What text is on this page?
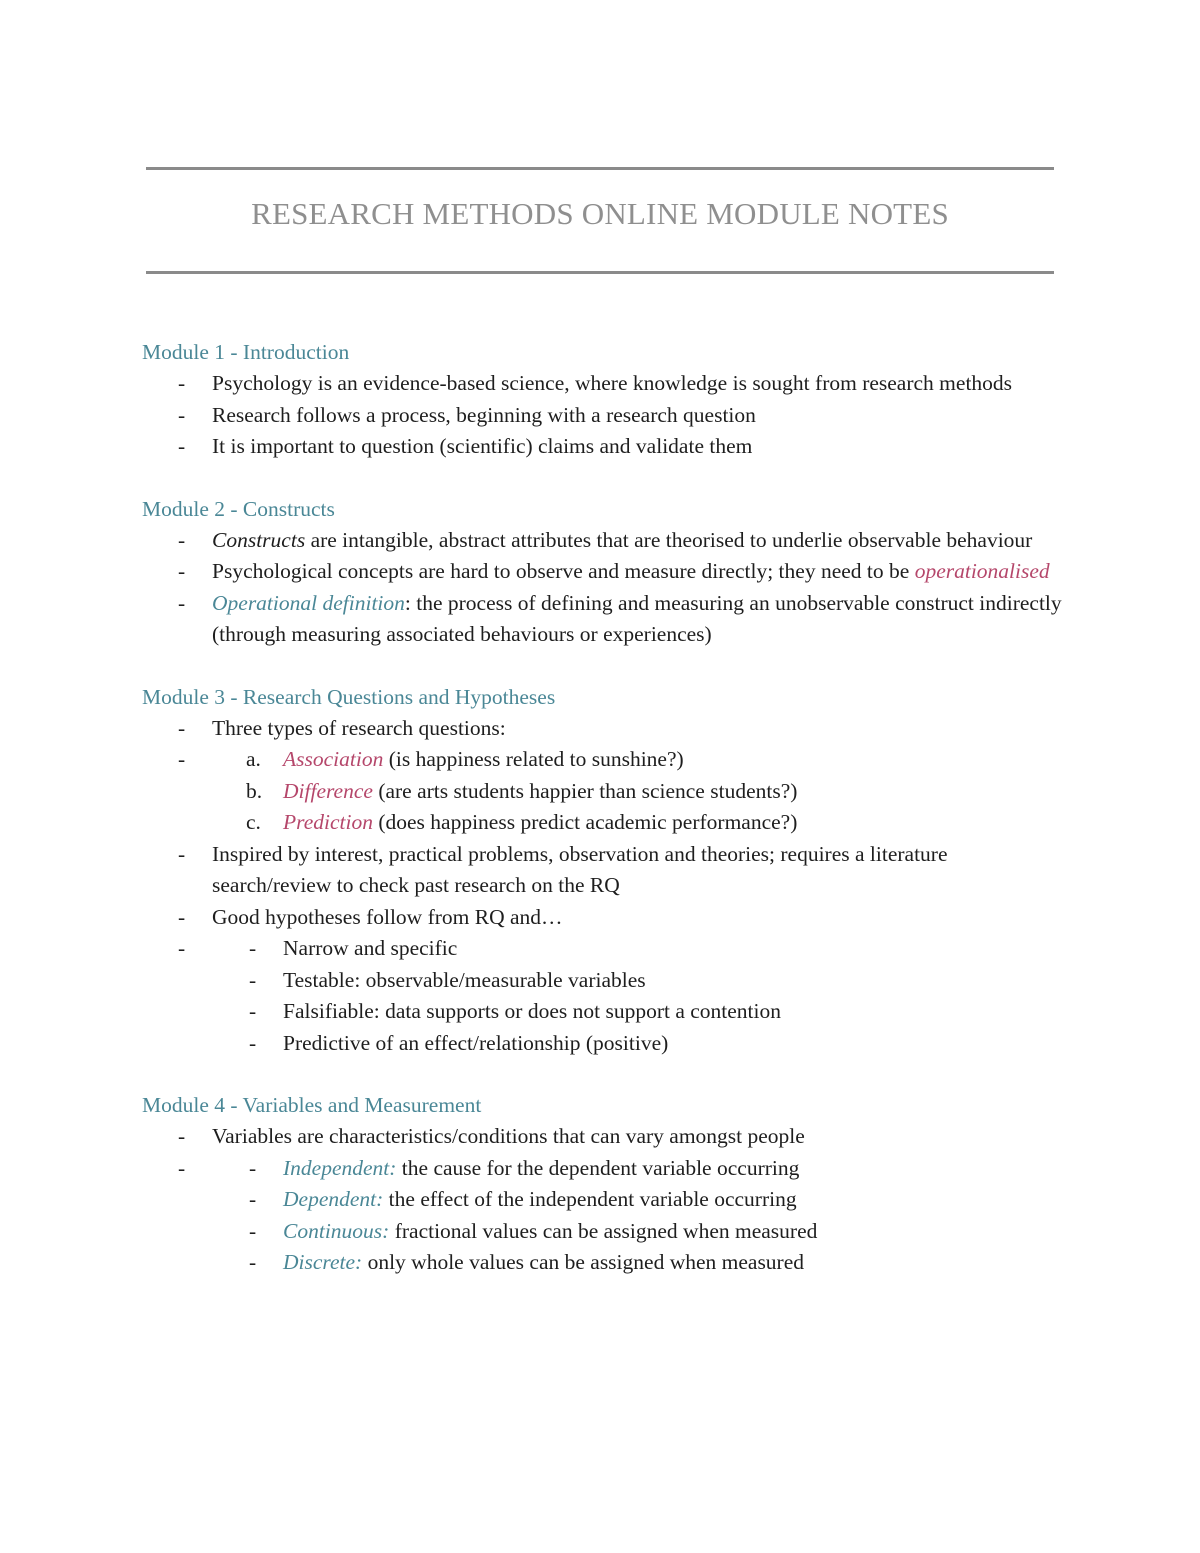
RESEARCH METHODS ONLINE MODULE NOTES
Module 1 - Introduction
- Psychology is an evidence-based science, where knowledge is sought from research methods
- Research follows a process, beginning with a research question
- It is important to question (scientific) claims and validate them
Module 2 - Constructs
- Constructs are intangible, abstract attributes that are theorised to underlie observable behaviour
- Psychological concepts are hard to observe and measure directly; they need to be operationalised
- Operational definition: the process of defining and measuring an unobservable construct indirectly (through measuring associated behaviours or experiences)
Module 3 - Research Questions and Hypotheses
- Three types of research questions:
- a. Association (is happiness related to sunshine?)
b. Difference (are arts students happier than science students?)
c. Prediction (does happiness predict academic performance?)
- Inspired by interest, practical problems, observation and theories; requires a literature search/review to check past research on the RQ
- Good hypotheses follow from RQ and…
- - Narrow and specific
- Testable: observable/measurable variables
- Falsifiable: data supports or does not support a contention
- Predictive of an effect/relationship (positive)
Module 4 - Variables and Measurement
- Variables are characteristics/conditions that can vary amongst people
- - Independent: the cause for the dependent variable occurring
- Dependent: the effect of the independent variable occurring
- Continuous: fractional values can be assigned when measured
- Discrete: only whole values can be assigned when measured
